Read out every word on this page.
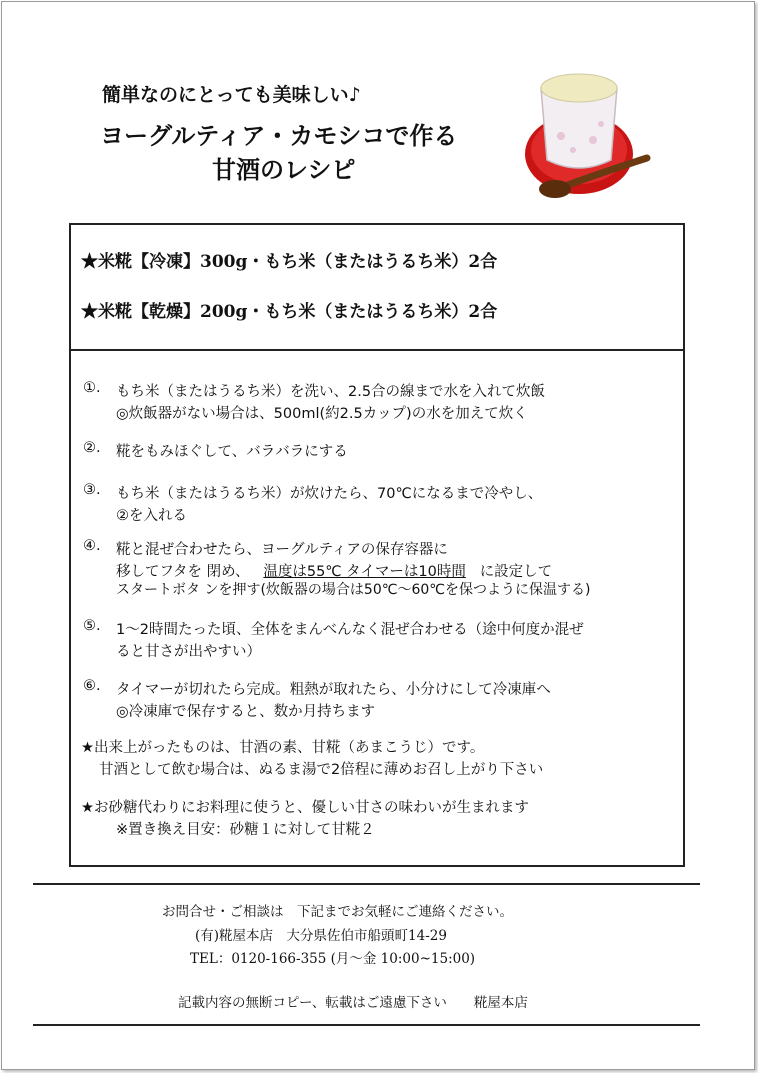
簡単なのにとっても美味しい♪
ヨーグルティア・カモシコで作る
甘酒のレシピ
★米糀【冷凍】300g・もち米（またはうるち米）2合
★米糀【乾燥】200g・もち米（またはうるち米）2合
①. もち米（またはうるち米）を洗い、2.5合の線まで水を入れて炊飯
◎炊飯器がない場合は、500ml(約2.5カップ)の水を加えて炊く
②. 糀をもみほぐして、バラバラにする
③. もち米（またはうるち米）が炊けたら、70℃になるまで冷やし、
②を入れる
④. 糀と混ぜ合わせたら、ヨーグルティアの保存容器に
移してフタを 閉め、 温度は55℃ タイマーは10時間 に設定して
スタートボタ ンを押す(炊飯器の場合は50℃～60℃を保つように保温する)
⑤. 1～2時間たった頃、全体をまんべんなく混ぜ合わせる（途中何度か混ぜ
ると甘さが出やすい）
⑥. タイマーが切れたら完成。粗熱が取れたら、小分けにして冷凍庫へ
◎冷凍庫で保存すると、数か月持ちます
★出来上がったものは、甘酒の素、甘糀（あまこうじ）です。
甘酒として飲む場合は、ぬるま湯で2倍程に薄めお召し上がり下さい
★お砂糖代わりにお料理に使うと、優しい甘さの味わいが生まれます
※置き換え目安：砂糖１に対して甘糀２
お問合せ・ご相談は　下記までお気軽にご連絡ください。
(有)糀屋本店　大分県佐伯市船頭町14-29
TEL：0120-166-355 (月～金 10:00~15:00)
記載内容の無断コピー、転載はご遠慮下さい　　糀屋本店
